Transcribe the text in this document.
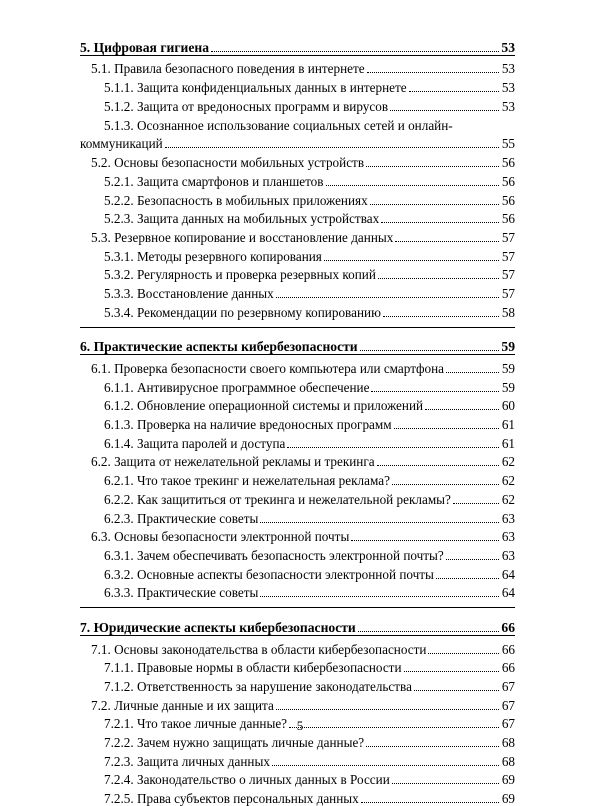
5. Цифровая гигиена	53
5.1. Правила безопасного поведения в интернете	53
5.1.1. Защита конфиденциальных данных в интернете	53
5.1.2. Защита от вредоносных программ и вирусов	53
5.1.3. Осознанное использование социальных сетей и онлайн-
коммуникаций	55
5.2. Основы безопасности мобильных устройств	56
5.2.1. Защита смартфонов и планшетов	56
5.2.2. Безопасность в мобильных приложениях	56
5.2.3. Защита данных на мобильных устройствах	56
5.3. Резервное копирование и восстановление данных	57
5.3.1. Методы резервного копирования	57
5.3.2. Регулярность и проверка резервных копий	57
5.3.3. Восстановление данных	57
5.3.4. Рекомендации по резервному копированию	58
6. Практические аспекты кибербезопасности	59
6.1. Проверка безопасности своего компьютера или смартфона	59
6.1.1. Антивирусное программное обеспечение	59
6.1.2. Обновление операционной системы и приложений	60
6.1.3. Проверка на наличие вредоносных программ	61
6.1.4. Защита паролей и доступа	61
6.2. Защита от нежелательной рекламы и трекинга	62
6.2.1. Что такое трекинг и нежелательная реклама?	62
6.2.2. Как защититься от трекинга и нежелательной рекламы?	62
6.2.3. Практические советы	63
6.3. Основы безопасности электронной почты	63
6.3.1. Зачем обеспечивать безопасность электронной почты?	63
6.3.2. Основные аспекты безопасности электронной почты	64
6.3.3. Практические советы	64
7. Юридические аспекты кибербезопасности	66
7.1. Основы законодательства в области кибербезопасности	66
7.1.1. Правовые нормы в области кибербезопасности	66
7.1.2. Ответственность за нарушение законодательства	67
7.2. Личные данные и их защита	67
7.2.1. Что такое личные данные?	67
7.2.2. Зачем нужно защищать личные данные?	68
7.2.3. Защита личных данных	68
7.2.4. Законодательство о личных данных в России	69
7.2.5. Права субъектов персональных данных	69
5
